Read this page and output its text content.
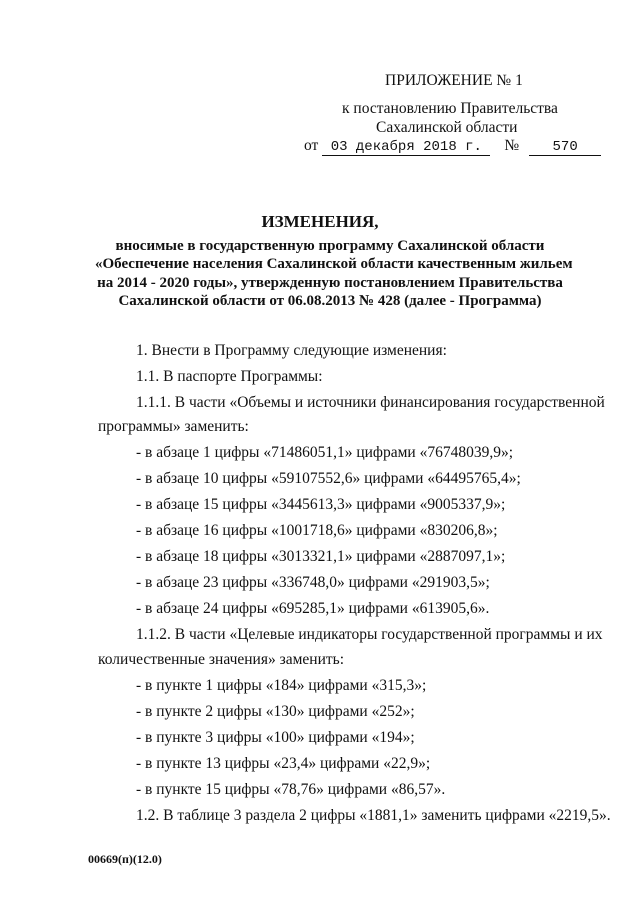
ПРИЛОЖЕНИЕ № 1
к постановлению Правительства
Сахалинской области
от 03 декабря 2018 г. № 570
ИЗМЕНЕНИЯ,
вносимые в государственную программу Сахалинской области
«Обеспечение населения Сахалинской области качественным жильем
на 2014 - 2020 годы», утвержденную постановлением Правительства
Сахалинской области от 06.08.2013 № 428 (далее - Программа)
1. Внести в Программу следующие изменения:
1.1. В паспорте Программы:
1.1.1. В части «Объемы и источники финансирования государственной
программы» заменить:
- в абзаце 1 цифры «71486051,1» цифрами «76748039,9»;
- в абзаце 10 цифры «59107552,6» цифрами «64495765,4»;
- в абзаце 15 цифры «3445613,3» цифрами «9005337,9»;
- в абзаце 16 цифры «1001718,6» цифрами «830206,8»;
- в абзаце 18 цифры «3013321,1» цифрами «2887097,1»;
- в абзаце 23 цифры «336748,0» цифрами «291903,5»;
- в абзаце 24 цифры «695285,1» цифрами «613905,6».
1.1.2. В части «Целевые индикаторы государственной программы и их
количественные значения» заменить:
- в пункте 1 цифры «184» цифрами «315,3»;
- в пункте 2 цифры «130» цифрами «252»;
- в пункте 3 цифры «100» цифрами «194»;
- в пункте 13 цифры «23,4» цифрами «22,9»;
- в пункте 15 цифры «78,76» цифрами «86,57».
1.2. В таблице 3 раздела 2 цифры «1881,1» заменить цифрами «2219,5».
00669(п)(12.0)
